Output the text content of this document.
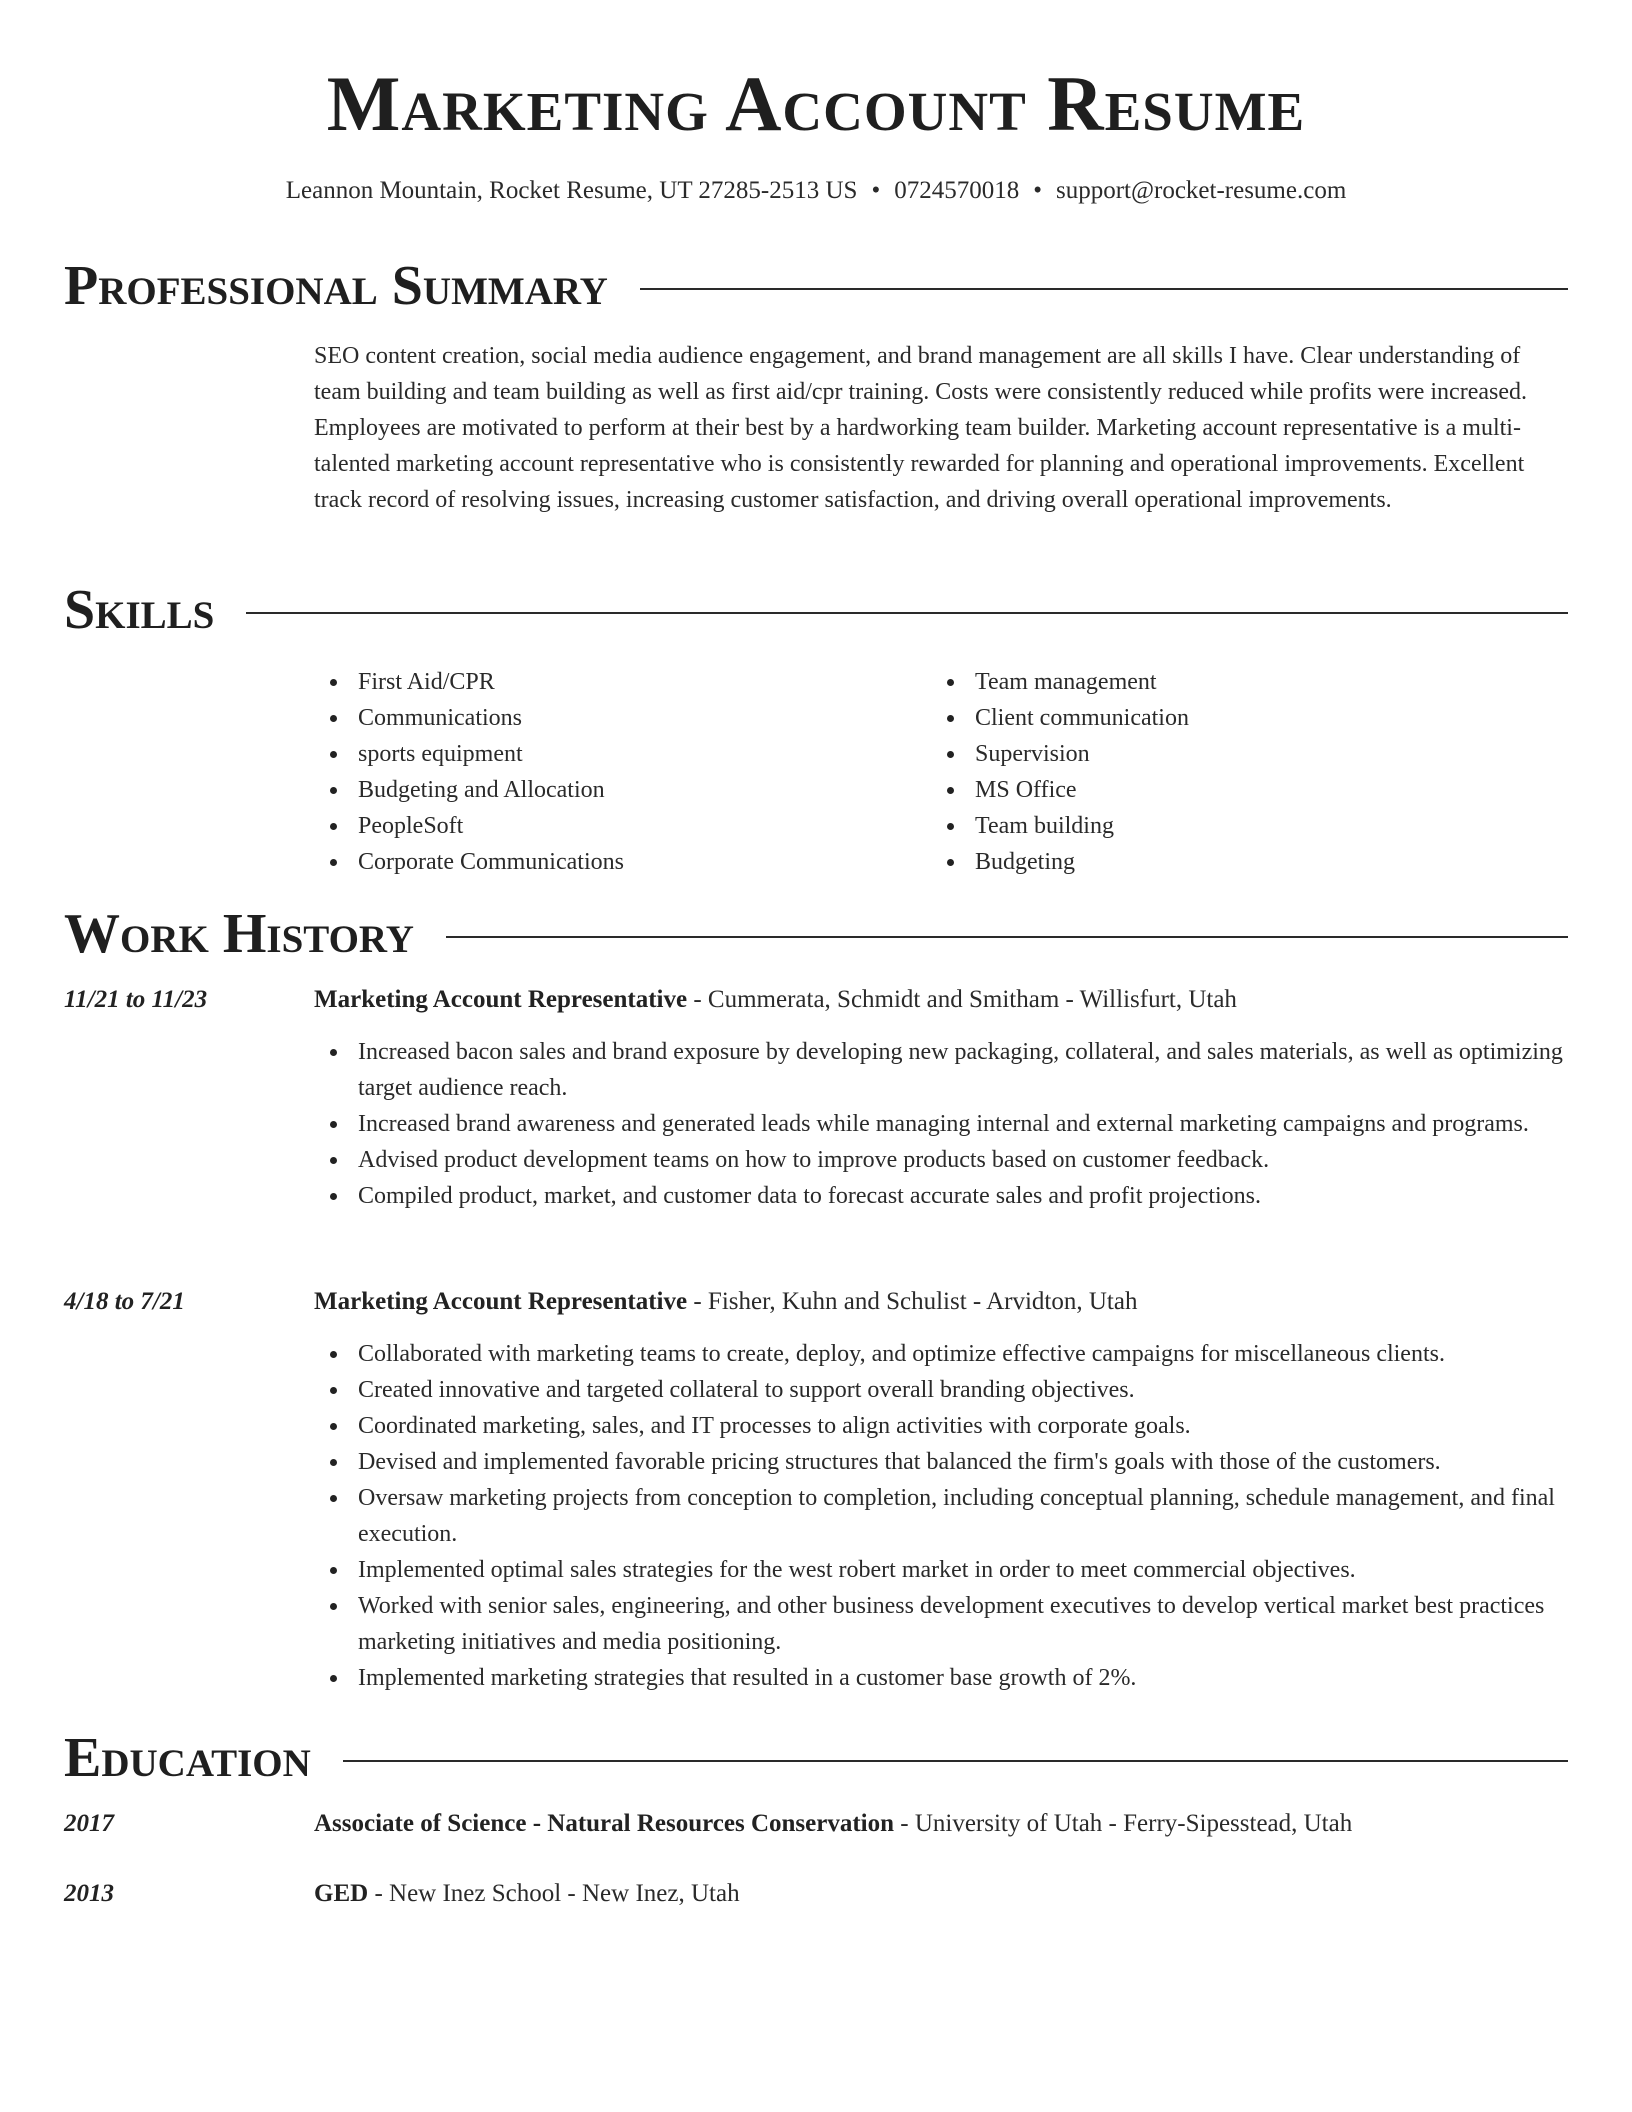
Marketing Account Resume
Leannon Mountain, Rocket Resume, UT 27285-2513 US • 0724570018 • support@rocket-resume.com
Professional Summary

SEO content creation, social media audience engagement, and brand management are all skills I have. Clear understanding of team building and team building as well as first aid/cpr training. Costs were consistently reduced while profits were increased. Employees are motivated to perform at their best by a hardworking team builder. Marketing account representative is a multi-talented marketing account representative who is consistently rewarded for planning and operational improvements. Excellent track record of resolving issues, increasing customer satisfaction, and driving overall operational improvements.

Skills
First Aid/CPR
Communications
sports equipment
Budgeting and Allocation
PeopleSoft
Corporate Communications
Team management
Client communication
Supervision
MS Office
Team building
Budgeting
Work History
11/21 to 11/23	Marketing Account Representative - Cummerata, Schmidt and Smitham - Willisfurt, Utah
Increased bacon sales and brand exposure by developing new packaging, collateral, and sales materials, as well as optimizing target audience reach.
Increased brand awareness and generated leads while managing internal and external marketing campaigns and programs.
Advised product development teams on how to improve products based on customer feedback.
Compiled product, market, and customer data to forecast accurate sales and profit projections.
4/18 to 7/21	Marketing Account Representative - Fisher, Kuhn and Schulist - Arvidton, Utah
Collaborated with marketing teams to create, deploy, and optimize effective campaigns for miscellaneous clients.
Created innovative and targeted collateral to support overall branding objectives.
Coordinated marketing, sales, and IT processes to align activities with corporate goals.
Devised and implemented favorable pricing structures that balanced the firm's goals with those of the customers.
Oversaw marketing projects from conception to completion, including conceptual planning, schedule management, and final execution.
Implemented optimal sales strategies for the west robert market in order to meet commercial objectives.
Worked with senior sales, engineering, and other business development executives to develop vertical market best practices marketing initiatives and media positioning.
Implemented marketing strategies that resulted in a customer base growth of 2%.
Education
2017	Associate of Science - Natural Resources Conservation - University of Utah - Ferry-Sipesstead, Utah
2013	GED - New Inez School - New Inez, Utah
